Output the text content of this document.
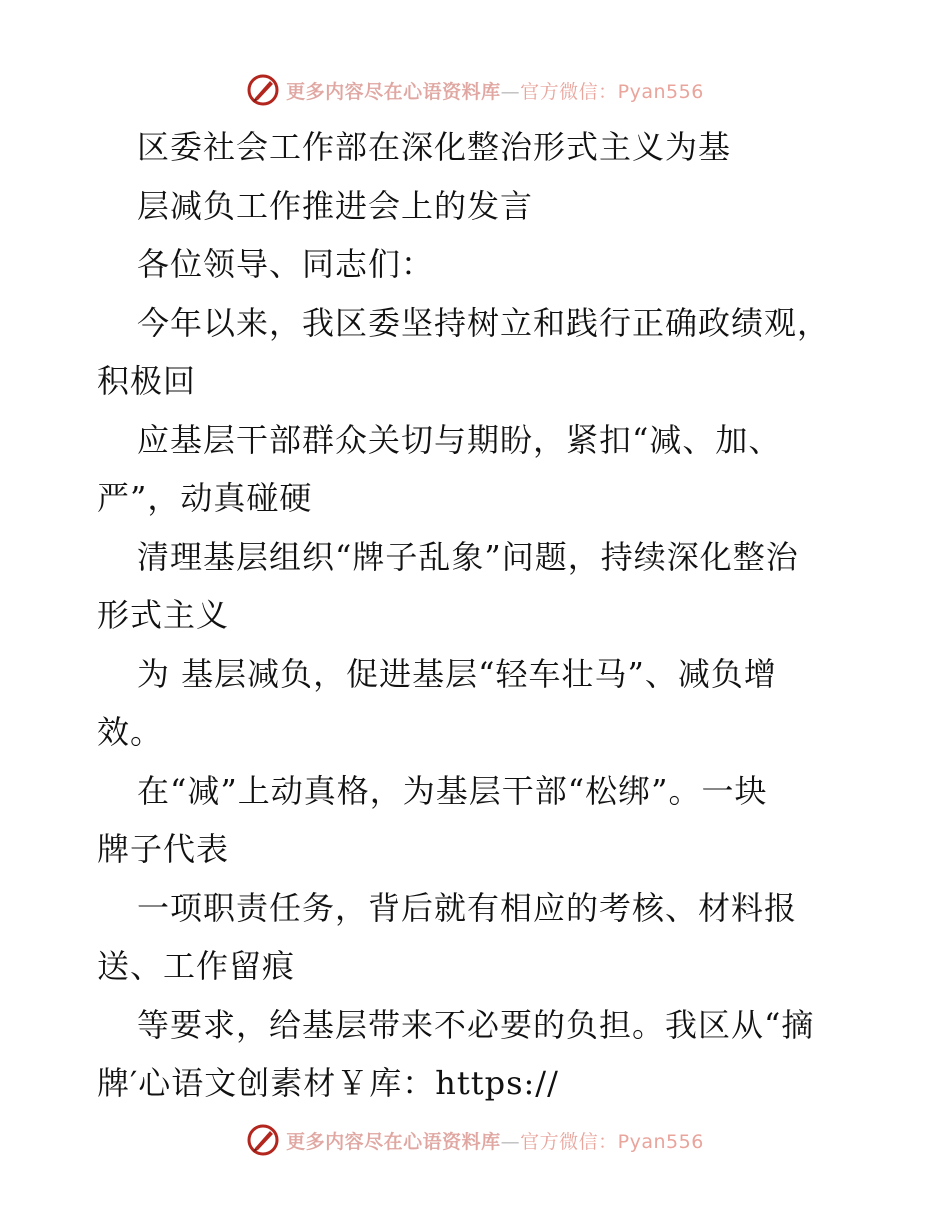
更多内容尽在心语资料库—官方微信：Pyan556
区委社会工作部在深化整治形式主义为基
层减负工作推进会上的发言
各位领导、同志们：
今年以来，我区委坚持树立和践行正确政绩观，
积极回
应基层干部群众关切与期盼，紧扣“减、加、
严”，动真碰硬
清理基层组织“牌子乱象”问题，持续深化整治
形式主义
为 基层减负，促进基层“轻车壮马”、减负增
效。
在“减”上动真格，为基层干部“松绑”。一块
牌子代表
一项职责任务，背后就有相应的考核、材料报
送、工作留痕
等要求，给基层带来不必要的负担。我区从“摘
牌′心语文创素材￥库：https://
更多内容尽在心语资料库—官方微信：Pyan556
